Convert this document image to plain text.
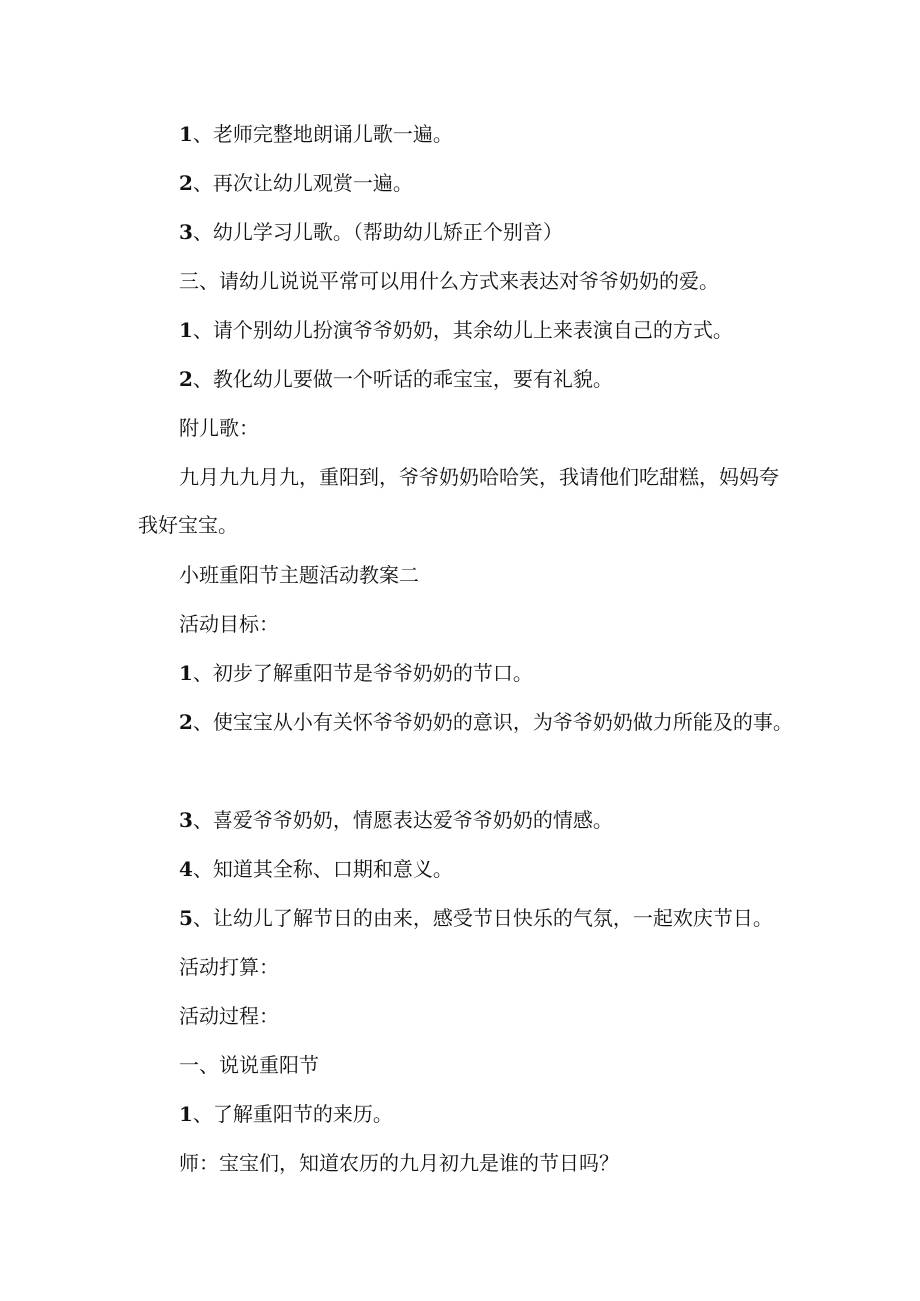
1、老师完整地朗诵儿歌一遍。

2、再次让幼儿观赏一遍。

3、幼儿学习儿歌。（帮助幼儿矫正个别音）

三、请幼儿说说平常可以用什么方式来表达对爷爷奶奶的爱。

1、请个别幼儿扮演爷爷奶奶，其余幼儿上来表演自己的方式。

2、教化幼儿要做一个听话的乖宝宝，要有礼貌。

附儿歌：

九月九九月九，重阳到，爷爷奶奶哈哈笑，我请他们吃甜糕，妈妈夸我好宝宝。

小班重阳节主题活动教案二

活动目标：

1、初步了解重阳节是爷爷奶奶的节口。

2、使宝宝从小有关怀爷爷奶奶的意识，为爷爷奶奶做力所能及的事。

3、喜爱爷爷奶奶，情愿表达爱爷爷奶奶的情感。

4、知道其全称、口期和意义。

5、让幼儿了解节日的由来，感受节日快乐的气氛，一起欢庆节日。

活动打算：

活动过程：

一、说说重阳节

1、了解重阳节的来历。

师：宝宝们，知道农历的九月初九是谁的节日吗？
